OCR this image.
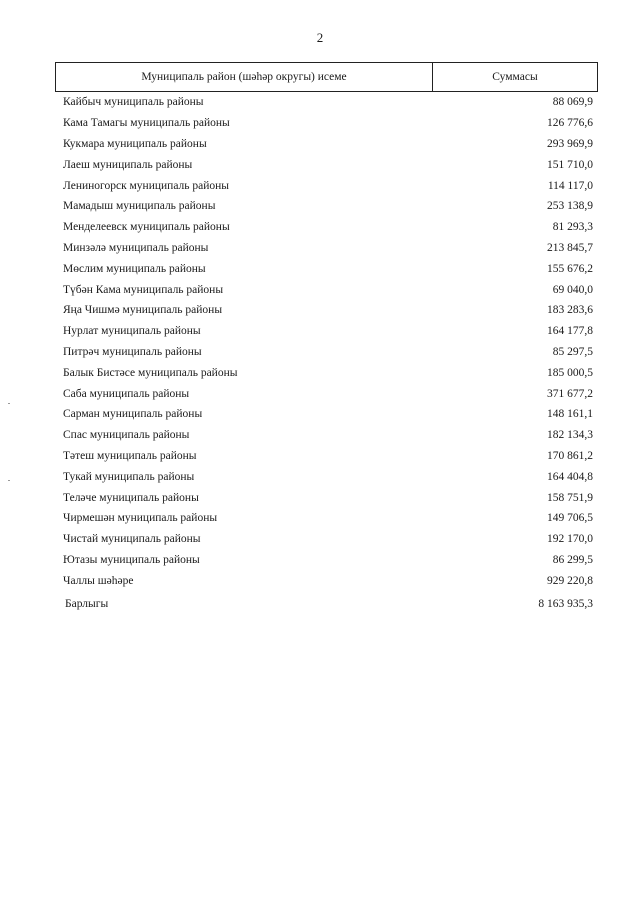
2
Муниципаль район (шәһәр округы) исеме	Суммасы
Кайбыч муниципаль районы	88 069,9
Кама Тамагы муниципаль районы	126 776,6
Кукмара муниципаль районы	293 969,9
Лаеш муниципаль районы	151 710,0
Лениногорск муниципаль районы	114 117,0
Мамадыш муниципаль районы	253 138,9
Менделеевск муниципаль районы	81 293,3
Минзәлә муниципаль районы	213 845,7
Мөслим муниципаль районы	155 676,2
Түбән Кама муниципаль районы	69 040,0
Яңа Чишмә муниципаль районы	183 283,6
Нурлат муниципаль районы	164 177,8
Питрәч муниципаль районы	85 297,5
Балык Бистәсе муниципаль районы	185 000,5
Саба муниципаль районы	371 677,2
Сарман муниципаль районы	148 161,1
Спас муниципаль районы	182 134,3
Тәтеш муниципаль районы	170 861,2
Тукай муниципаль районы	164 404,8
Теләче муниципаль районы	158 751,9
Чирмешән муниципаль районы	149 706,5
Чистай муниципаль районы	192 170,0
Ютазы муниципаль районы	86 299,5
Чаллы шәһәре	929 220,8
Барлыгы	8 163 935,3
